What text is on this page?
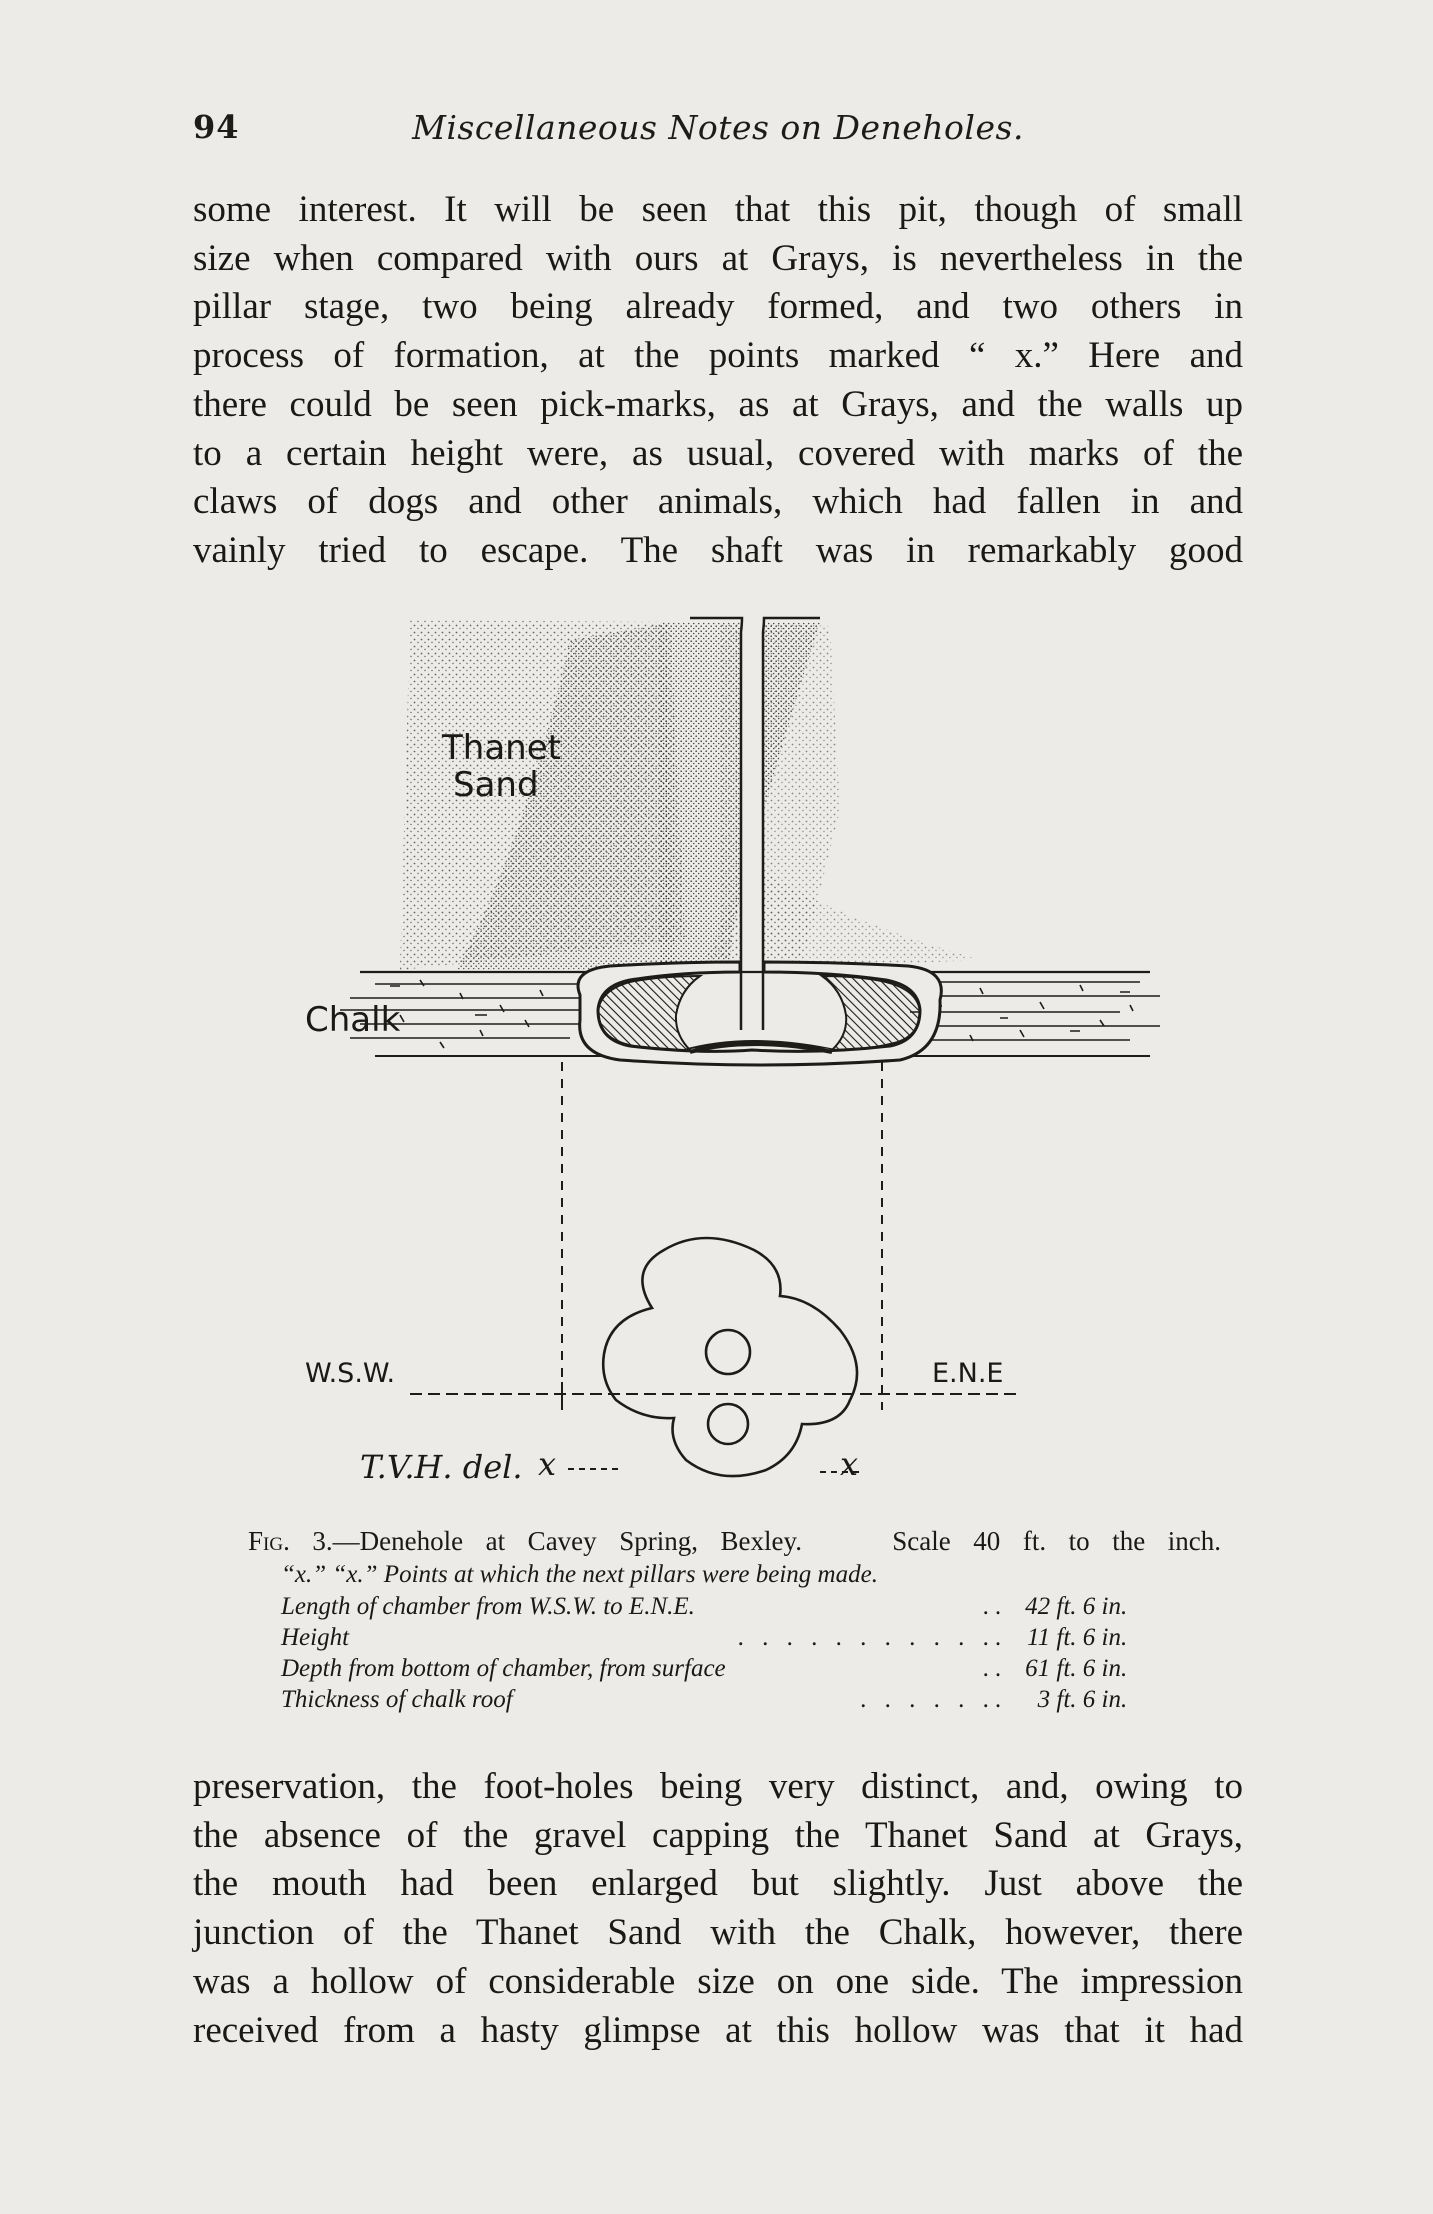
94	Miscellaneous Notes on Deneholes.

some interest. It will be seen that this pit, though of small
size when compared with ours at Grays, is nevertheless in the
pillar stage, two being already formed, and two others in
process of formation, at the points marked “ x.” Here and
there could be seen pick-marks, as at Grays, and the walls up
to a certain height were, as usual, covered with marks of the
claws of dogs and other animals, which had fallen in and
vainly tried to escape. The shaft was in remarkably good

Thanet
Sand
Chalk
W.S.W.	E.N.E
T.V.H. del. x	x
Fig. 3.—Denehole at Cavey Spring, Bexley.	Scale 40 ft. to the inch.
“x.” “x.” Points at which the next pillars were being made.
Length of chamber from W.S.W. to E.N.E.	..	42 ft. 6 in.
Height	. . . . . . . . . . ..	11 ft. 6 in.
Depth from bottom of chamber, from surface	..	61 ft. 6 in.
Thickness of chalk roof	. . . . . ..	3 ft. 6 in.

preservation, the foot-holes being very distinct, and, owing to
the absence of the gravel capping the Thanet Sand at Grays,
the mouth had been enlarged but slightly. Just above the
junction of the Thanet Sand with the Chalk, however, there
was a hollow of considerable size on one side. The impression
received from a hasty glimpse at this hollow was that it had
